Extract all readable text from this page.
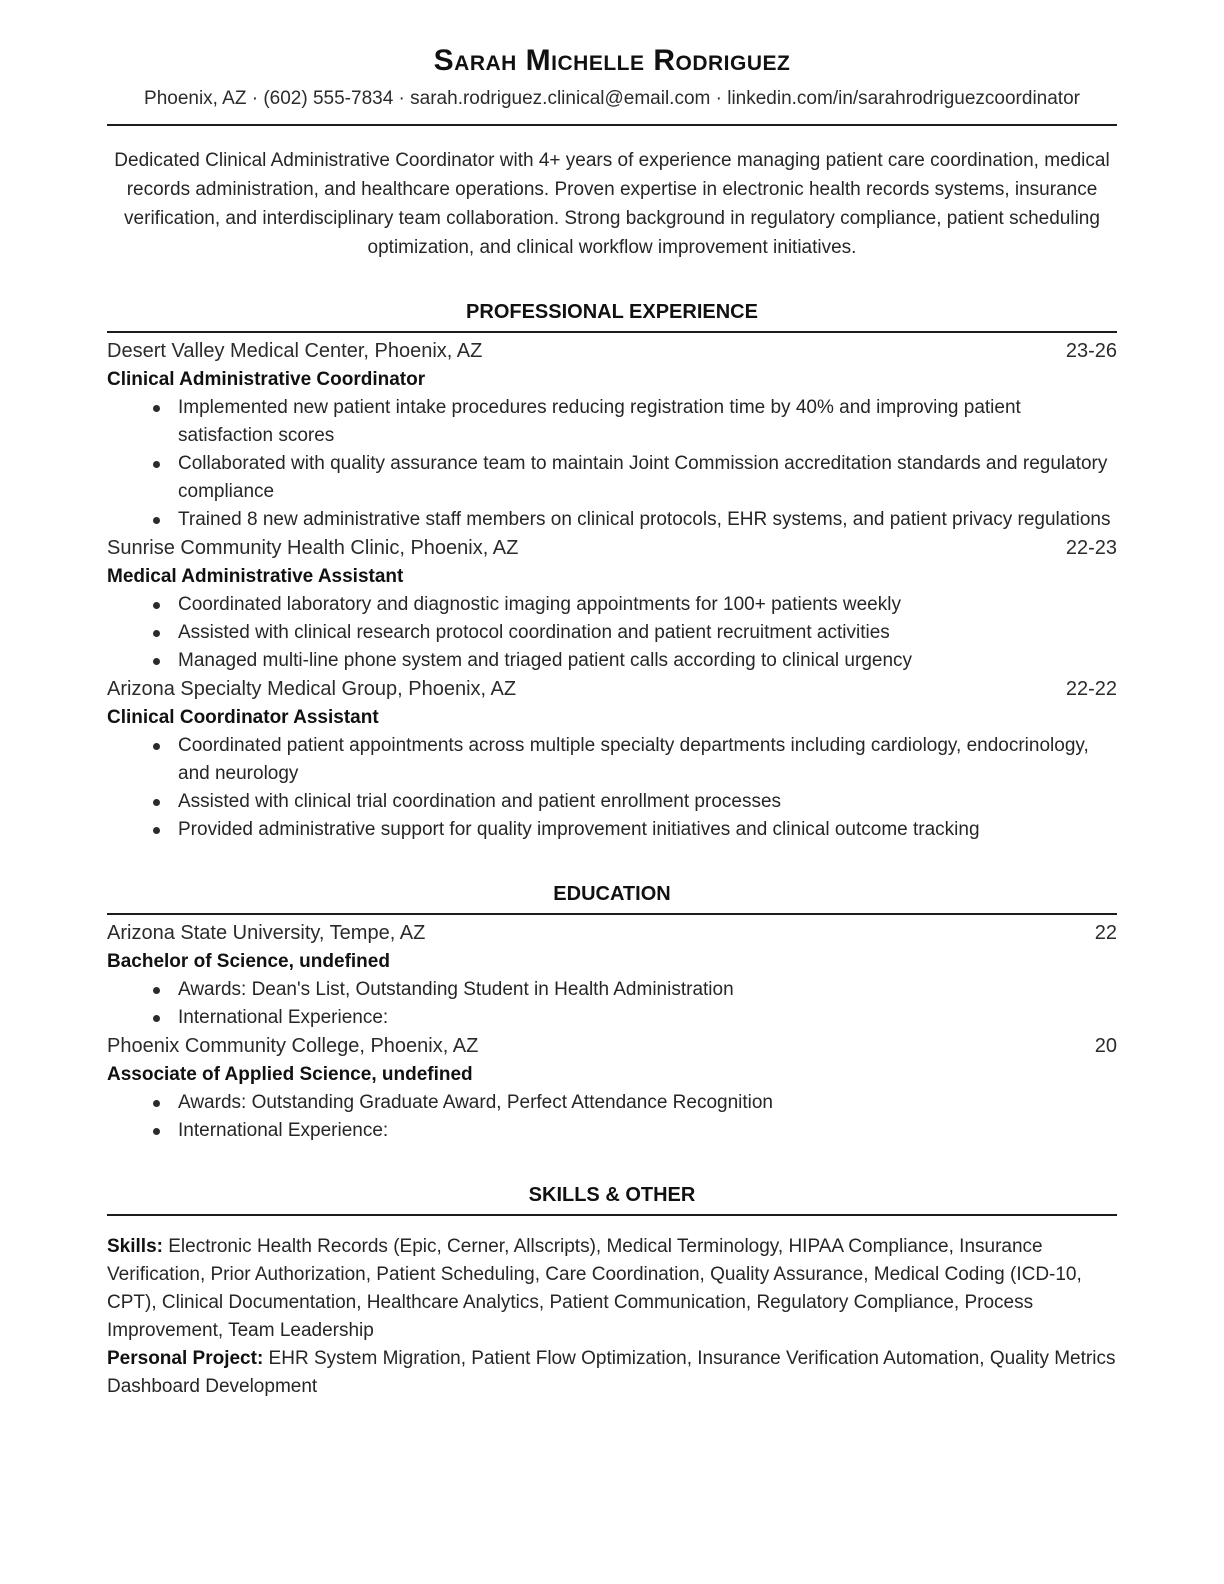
Sarah Michelle Rodriguez
Phoenix, AZ · (602) 555-7834 · sarah.rodriguez.clinical@email.com · linkedin.com/in/sarahrodriguezcoordinator

Dedicated Clinical Administrative Coordinator with 4+ years of experience managing patient care coordination, medical records administration, and healthcare operations. Proven expertise in electronic health records systems, insurance verification, and interdisciplinary team collaboration. Strong background in regulatory compliance, patient scheduling optimization, and clinical workflow improvement initiatives.

PROFESSIONAL EXPERIENCE
Desert Valley Medical Center, Phoenix, AZ	23-26
Clinical Administrative Coordinator
Implemented new patient intake procedures reducing registration time by 40% and improving patient satisfaction scores
Collaborated with quality assurance team to maintain Joint Commission accreditation standards and regulatory compliance
Trained 8 new administrative staff members on clinical protocols, EHR systems, and patient privacy regulations
Sunrise Community Health Clinic, Phoenix, AZ	22-23
Medical Administrative Assistant
Coordinated laboratory and diagnostic imaging appointments for 100+ patients weekly
Assisted with clinical research protocol coordination and patient recruitment activities
Managed multi-line phone system and triaged patient calls according to clinical urgency
Arizona Specialty Medical Group, Phoenix, AZ	22-22
Clinical Coordinator Assistant
Coordinated patient appointments across multiple specialty departments including cardiology, endocrinology, and neurology
Assisted with clinical trial coordination and patient enrollment processes
Provided administrative support for quality improvement initiatives and clinical outcome tracking
EDUCATION
Arizona State University, Tempe, AZ	22
Bachelor of Science, undefined
Awards: Dean's List, Outstanding Student in Health Administration
International Experience:
Phoenix Community College, Phoenix, AZ	20
Associate of Applied Science, undefined
Awards: Outstanding Graduate Award, Perfect Attendance Recognition
International Experience:
SKILLS & OTHER

Skills: Electronic Health Records (Epic, Cerner, Allscripts), Medical Terminology, HIPAA Compliance, Insurance Verification, Prior Authorization, Patient Scheduling, Care Coordination, Quality Assurance, Medical Coding (ICD-10, CPT), Clinical Documentation, Healthcare Analytics, Patient Communication, Regulatory Compliance, Process Improvement, Team Leadership

Personal Project: EHR System Migration, Patient Flow Optimization, Insurance Verification Automation, Quality Metrics Dashboard Development
